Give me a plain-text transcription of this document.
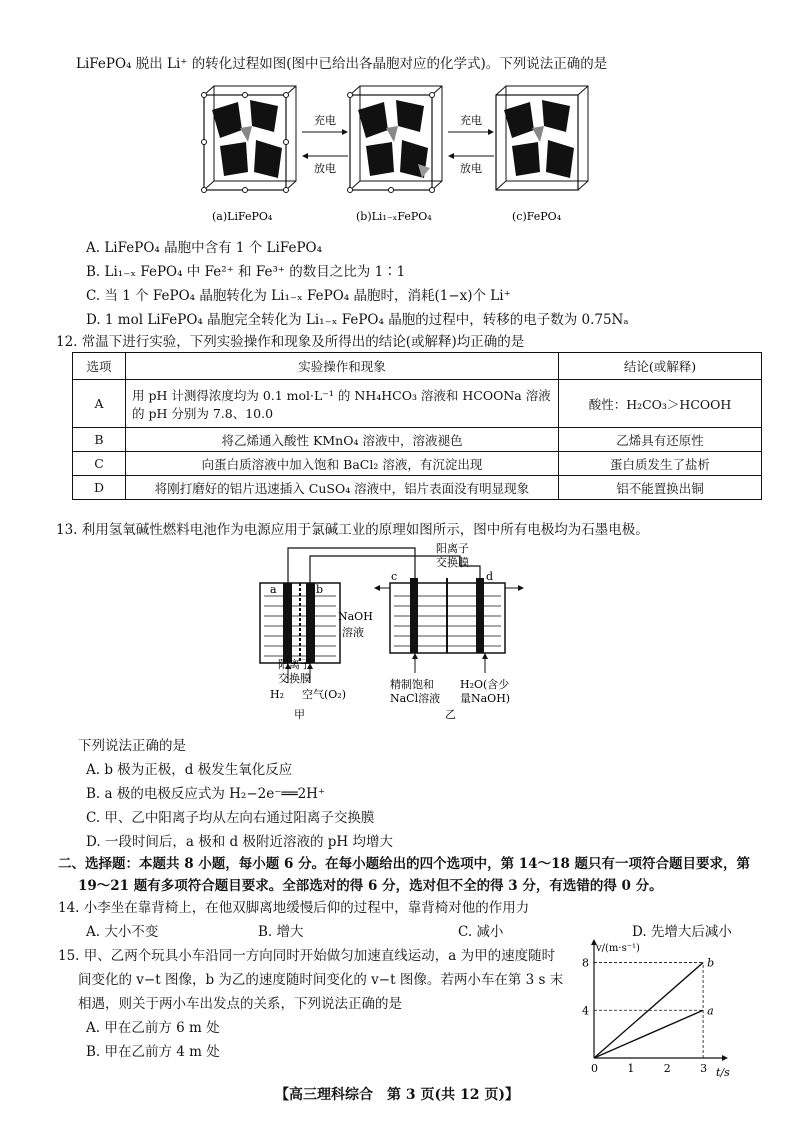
LiFePO₄ 脱出 Li⁺ 的转化过程如图(图中已给出各晶胞对应的化学式)。下列说法正确的是
充电
放电
充电
放电
(a)LiFePO₄	(b)Li₁₋ₓFePO₄	(c)FePO₄
A. LiFePO₄ 晶胞中含有 1 个 LiFePO₄
B. Li₁₋ₓ FePO₄ 中 Fe²⁺ 和 Fe³⁺ 的数目之比为 1∶1
C. 当 1 个 FePO₄ 晶胞转化为 Li₁₋ₓ FePO₄ 晶胞时，消耗(1−x)个 Li⁺
D. 1 mol LiFePO₄ 晶胞完全转化为 Li₁₋ₓ FePO₄ 晶胞的过程中，转移的电子数为 0.75Nₐ
12. 常温下进行实验，下列实验操作和现象及所得出的结论(或解释)均正确的是
选项	实验操作和现象	结论(或解释)
A	用 pH 计测得浓度均为 0.1 mol·L⁻¹ 的 NH₄HCO₃ 溶液和 HCOONa 溶液的 pH 分别为 7.8、10.0	酸性：H₂CO₃＞HCOOH
B	将乙烯通入酸性 KMnO₄ 溶液中，溶液褪色	乙烯具有还原性
C	向蛋白质溶液中加入饱和 BaCl₂ 溶液，有沉淀出现	蛋白质发生了盐析
D	将刚打磨好的铝片迅速插入 CuSO₄ 溶液中，铝片表面没有明显现象	铝不能置换出铜
13. 利用氢氧碱性燃料电池作为电源应用于氯碱工业的原理如图所示，图中所有电极均为石墨电极。
a	b
NaOH
溶液
阳离子
交换膜
H₂ 空气(O₂)
甲
c	d
阳离子
交换膜
精制饱和
NaCl溶液
H₂O(含少
量NaOH)
乙
下列说法正确的是
A. b 极为正极，d 极发生氧化反应
B. a 极的电极反应式为 H₂−2e⁻══2H⁺
C. 甲、乙中阳离子均从左向右通过阳离子交换膜
D. 一段时间后，a 极和 d 极附近溶液的 pH 均增大
二、选择题：本题共 8 小题，每小题 6 分。在每小题给出的四个选项中，第 14～18 题只有一项符合题目要求，第
19～21 题有多项符合题目要求。全部选对的得 6 分，选对但不全的得 3 分，有选错的得 0 分。
14. 小李坐在靠背椅上，在他双脚离地缓慢后仰的过程中，靠背椅对他的作用力
A. 大小不变	B. 增大	C. 减小	D. 先增大后减小
15. 甲、乙两个玩具小车沿同一方向同时开始做匀加速直线运动，a 为甲的速度随时
间变化的 v−t 图像，b 为乙的速度随时间变化的 v−t 图像。若两小车在第 3 s 末
相遇，则关于两小车出发点的关系，下列说法正确的是
A. 甲在乙前方 6 m 处
B. 甲在乙前方 4 m 处
v/(m·s⁻¹)
t/s
0	1	2	3
4
8
a
b
【高三理科综合　第 3 页(共 12 页)】
